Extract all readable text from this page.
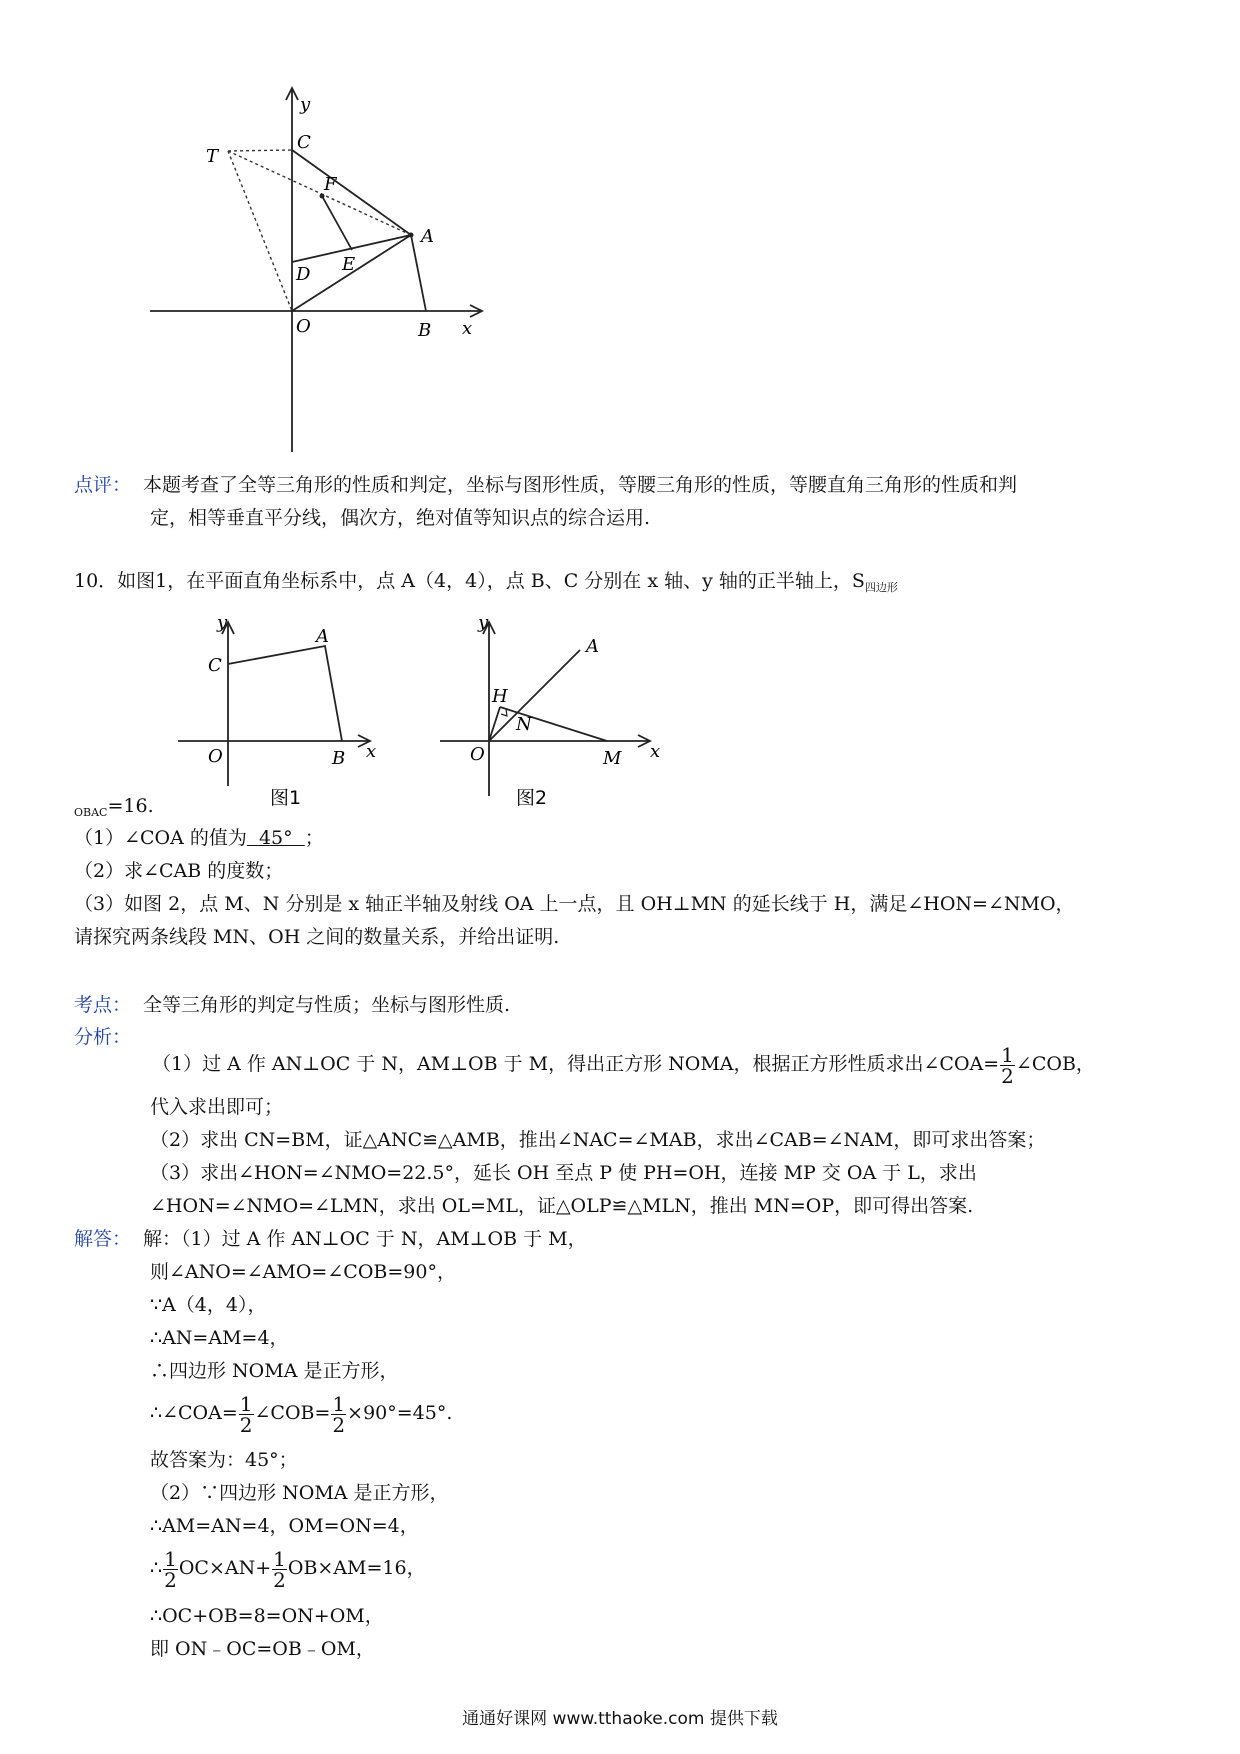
y
x
C
T
F
A
D E
O	B
点评： 本题考查了全等三角形的性质和判定，坐标与图形性质，等腰三角形的性质，等腰直角三角形的性质和判
定，相等垂直平分线，偶次方，绝对值等知识点的综合运用.
10．如图1，在平面直角坐标系中，点 A（4，4），点 B、C 分别在 x 轴、y 轴的正半轴上，$S_{四边形}$
y
x
C
A
O	B
图1
y
x
H
A
N
O	M
图2
$_{OBAC}$=16.
（1）∠COA 的值为  45°  ；
（2）求∠CAB 的度数；
（3）如图 2，点 M、N 分别是 x 轴正半轴及射线 OA 上一点，且 OH⊥MN 的延长线于 H，满足∠HON=∠NMO，
请探究两条线段 MN、OH 之间的数量关系，并给出证明.
考点： 全等三角形的判定与性质；坐标与图形性质.
分析：
（1）过 A 作 AN⊥OC 于 N，AM⊥OB 于 M，得出正方形 NOMA，根据正方形性质求出∠COA= $\frac{1}{2}$ ∠COB，
代入求出即可；
（2）求出 CN=BM，证△ANC≌△AMB，推出∠NAC=∠MAB，求出∠CAB=∠NAM，即可求出答案；
（3）求出∠HON=∠NMO=22.5°，延长 OH 至点 P 使 PH=OH，连接 MP 交 OA 于 L，求出
∠HON=∠NMO=∠LMN，求出 OL=ML，证△OLP≌△MLN，推出 MN=OP，即可得出答案.
解答： 解：（1）过 A 作 AN⊥OC 于 N，AM⊥OB 于 M，
则∠ANO=∠AMO=∠COB=90°，
∵A（4，4），
∴AN=AM=4，
∴四边形 NOMA 是正方形，
∴∠COA= $\frac{1}{2}$ ∠COB= $\frac{1}{2} \times 90^\circ=45^\circ$.
故答案为：45°；
（2）∵四边形 NOMA 是正方形，
∴AM=AN=4，OM=ON=4，
∴ $\frac{1}{2} OC\times AN+ \frac{1}{2} OB\times AM=16$，
∴OC+OB=8=ON+OM，
即 ON﹣OC=OB﹣OM，
通通好课网 www.tthaoke.com 提供下载
